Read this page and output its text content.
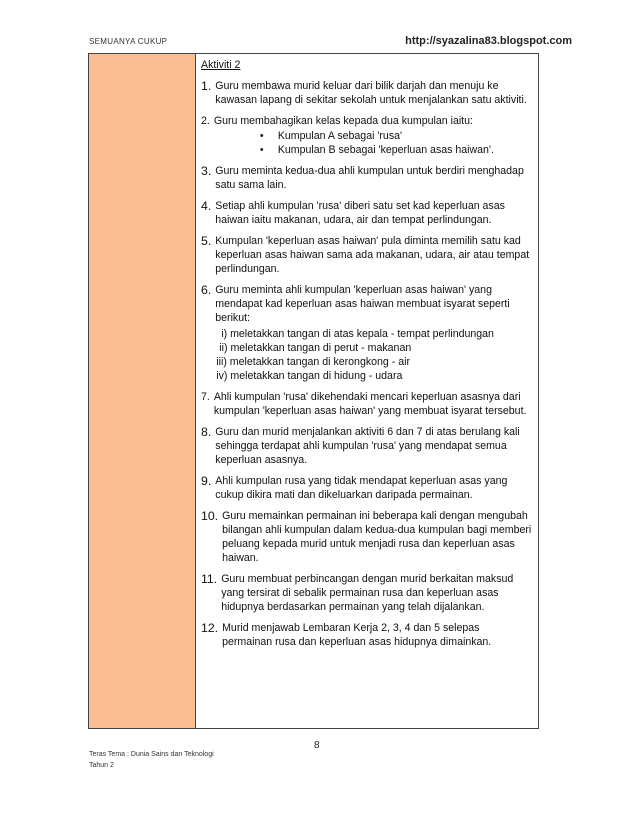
SEMUANYA CUKUP	http://syazalina83.blogspot.com
Aktiviti 2
1. Guru membawa murid keluar dari bilik darjah dan menuju ke kawasan lapang di sekitar sekolah untuk menjalankan satu aktiviti.
2. Guru membahagikan kelas kepada dua kumpulan iaitu:
• Kumpulan A sebagai 'rusa'
• Kumpulan B sebagai 'keperluan asas haiwan'.
3. Guru meminta kedua-dua ahli kumpulan untuk berdiri menghadap satu sama lain.
4. Setiap ahli kumpulan 'rusa' diberi satu set kad keperluan asas haiwan iaitu makanan, udara, air dan tempat perlindungan.
5. Kumpulan 'keperluan asas haiwan' pula diminta memilih satu kad keperluan asas haiwan sama ada makanan, udara, air atau tempat perlindungan.
6. Guru meminta ahli kumpulan 'keperluan asas haiwan' yang mendapat kad keperluan asas haiwan membuat isyarat seperti berikut:
i) meletakkan tangan di atas kepala - tempat perlindungan
ii) meletakkan tangan di perut - makanan
iii) meletakkan tangan di kerongkong - air
iv) meletakkan tangan di hidung - udara
7. Ahli kumpulan 'rusa' dikehendaki mencari keperluan asasnya dari kumpulan 'keperluan asas haiwan' yang membuat isyarat tersebut.
8. Guru dan murid menjalankan aktiviti 6 dan 7 di atas berulang kali sehingga terdapat ahli kumpulan 'rusa' yang mendapat semua keperluan asasnya.
9. Ahli kumpulan rusa yang tidak mendapat keperluan asas yang cukup dikira mati dan dikeluarkan daripada permainan.
10. Guru memainkan permainan ini beberapa kali dengan mengubah bilangan ahli kumpulan dalam kedua-dua kumpulan bagi memberi peluang kepada murid untuk menjadi rusa dan keperluan asas haiwan.
11. Guru membuat perbincangan dengan murid berkaitan maksud yang tersirat di sebalik permainan rusa dan keperluan asas hidupnya berdasarkan permainan yang telah dijalankan.
12. Murid menjawab Lembaran Kerja 2, 3, 4 dan 5 selepas permainan rusa dan keperluan asas hidupnya dimainkan.
8
Teras Tema : Dunia Sains dan Teknologi
Tahun 2
